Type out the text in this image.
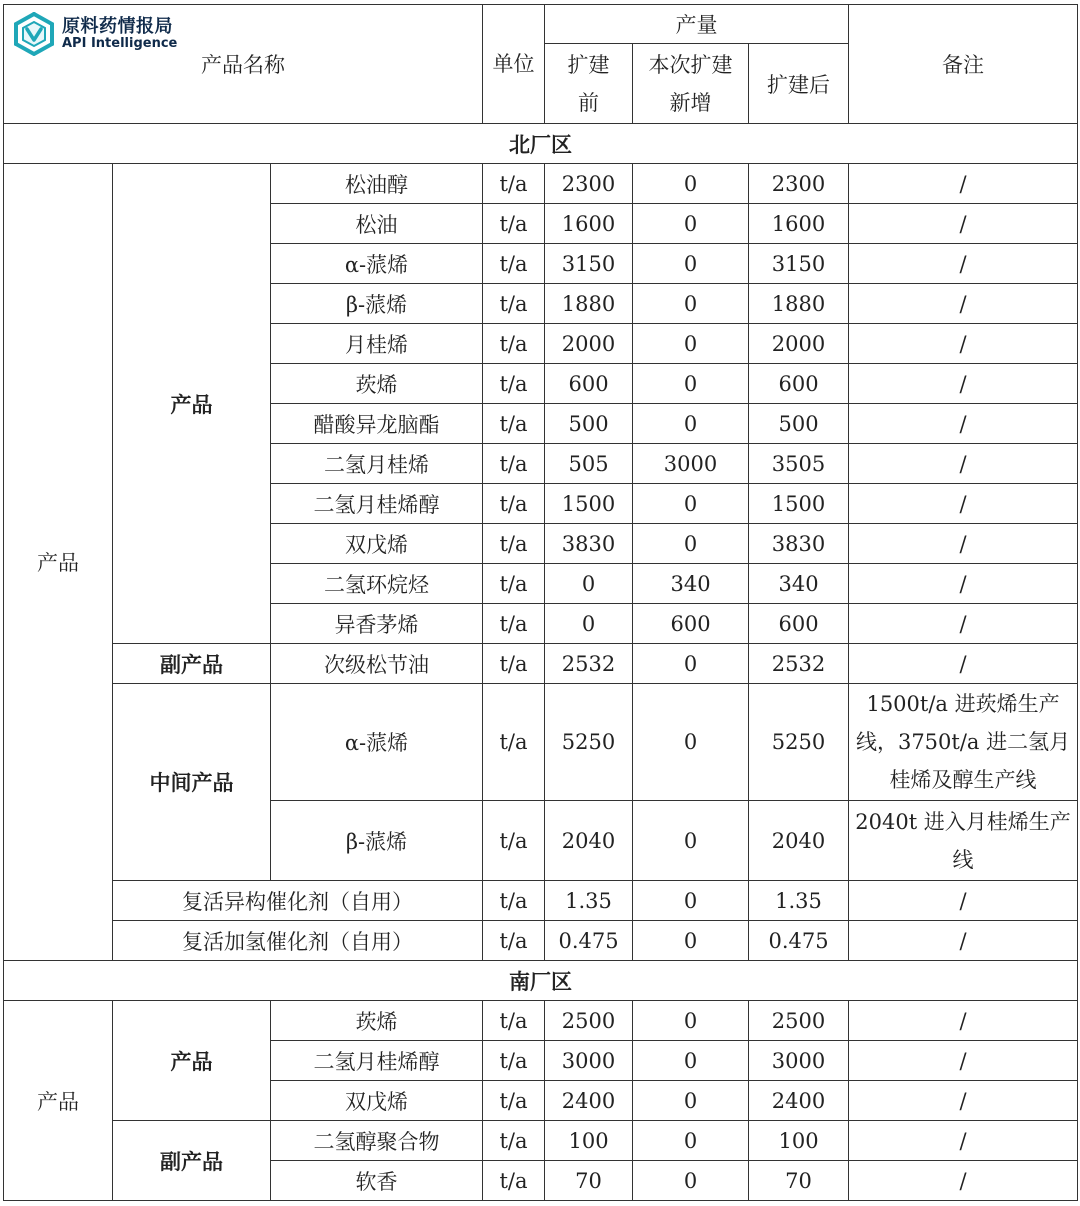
原料药情报局
API Intelligence
产品名称			单位	产量			备注
				扩建前	本次扩建新增	扩建后	

北厂区							
产品	产品	松油醇	t/a	2300	0	2300	/
		松油	t/a	1600	0	1600	/
		α-蒎烯	t/a	3150	0	3150	/
		β-蒎烯	t/a	1880	0	1880	/
		月桂烯	t/a	2000	0	2000	/
		莰烯	t/a	600	0	600	/
		醋酸异龙脑酯	t/a	500	0	500	/
		二氢月桂烯	t/a	505	3000	3505	/
		二氢月桂烯醇	t/a	1500	0	1500	/
		双戊烯	t/a	3830	0	3830	/
		二氢环烷烃	t/a	0	340	340	/
		异香茅烯	t/a	0	600	600	/
	副产品	次级松节油	t/a	2532	0	2532	/
	中间产品	α-蒎烯	t/a	5250	0	5250	1500t/a 进莰烯生产线，3750t/a 进二氢月桂烯及醇生产线
		β-蒎烯	t/a	2040	0	2040	2040t 进入月桂烯生产线
	复活异构催化剂（自用）		t/a	1.35	0	1.35	/
	复活加氢催化剂（自用）		t/a	0.475	0	0.475	/
南厂区							
产品	产品	莰烯	t/a	2500	0	2500	/
		二氢月桂烯醇	t/a	3000	0	3000	/
		双戊烯	t/a	2400	0	2400	/
	副产品	二氢醇聚合物	t/a	100	0	100	/
		软香	t/a	70	0	70	/
